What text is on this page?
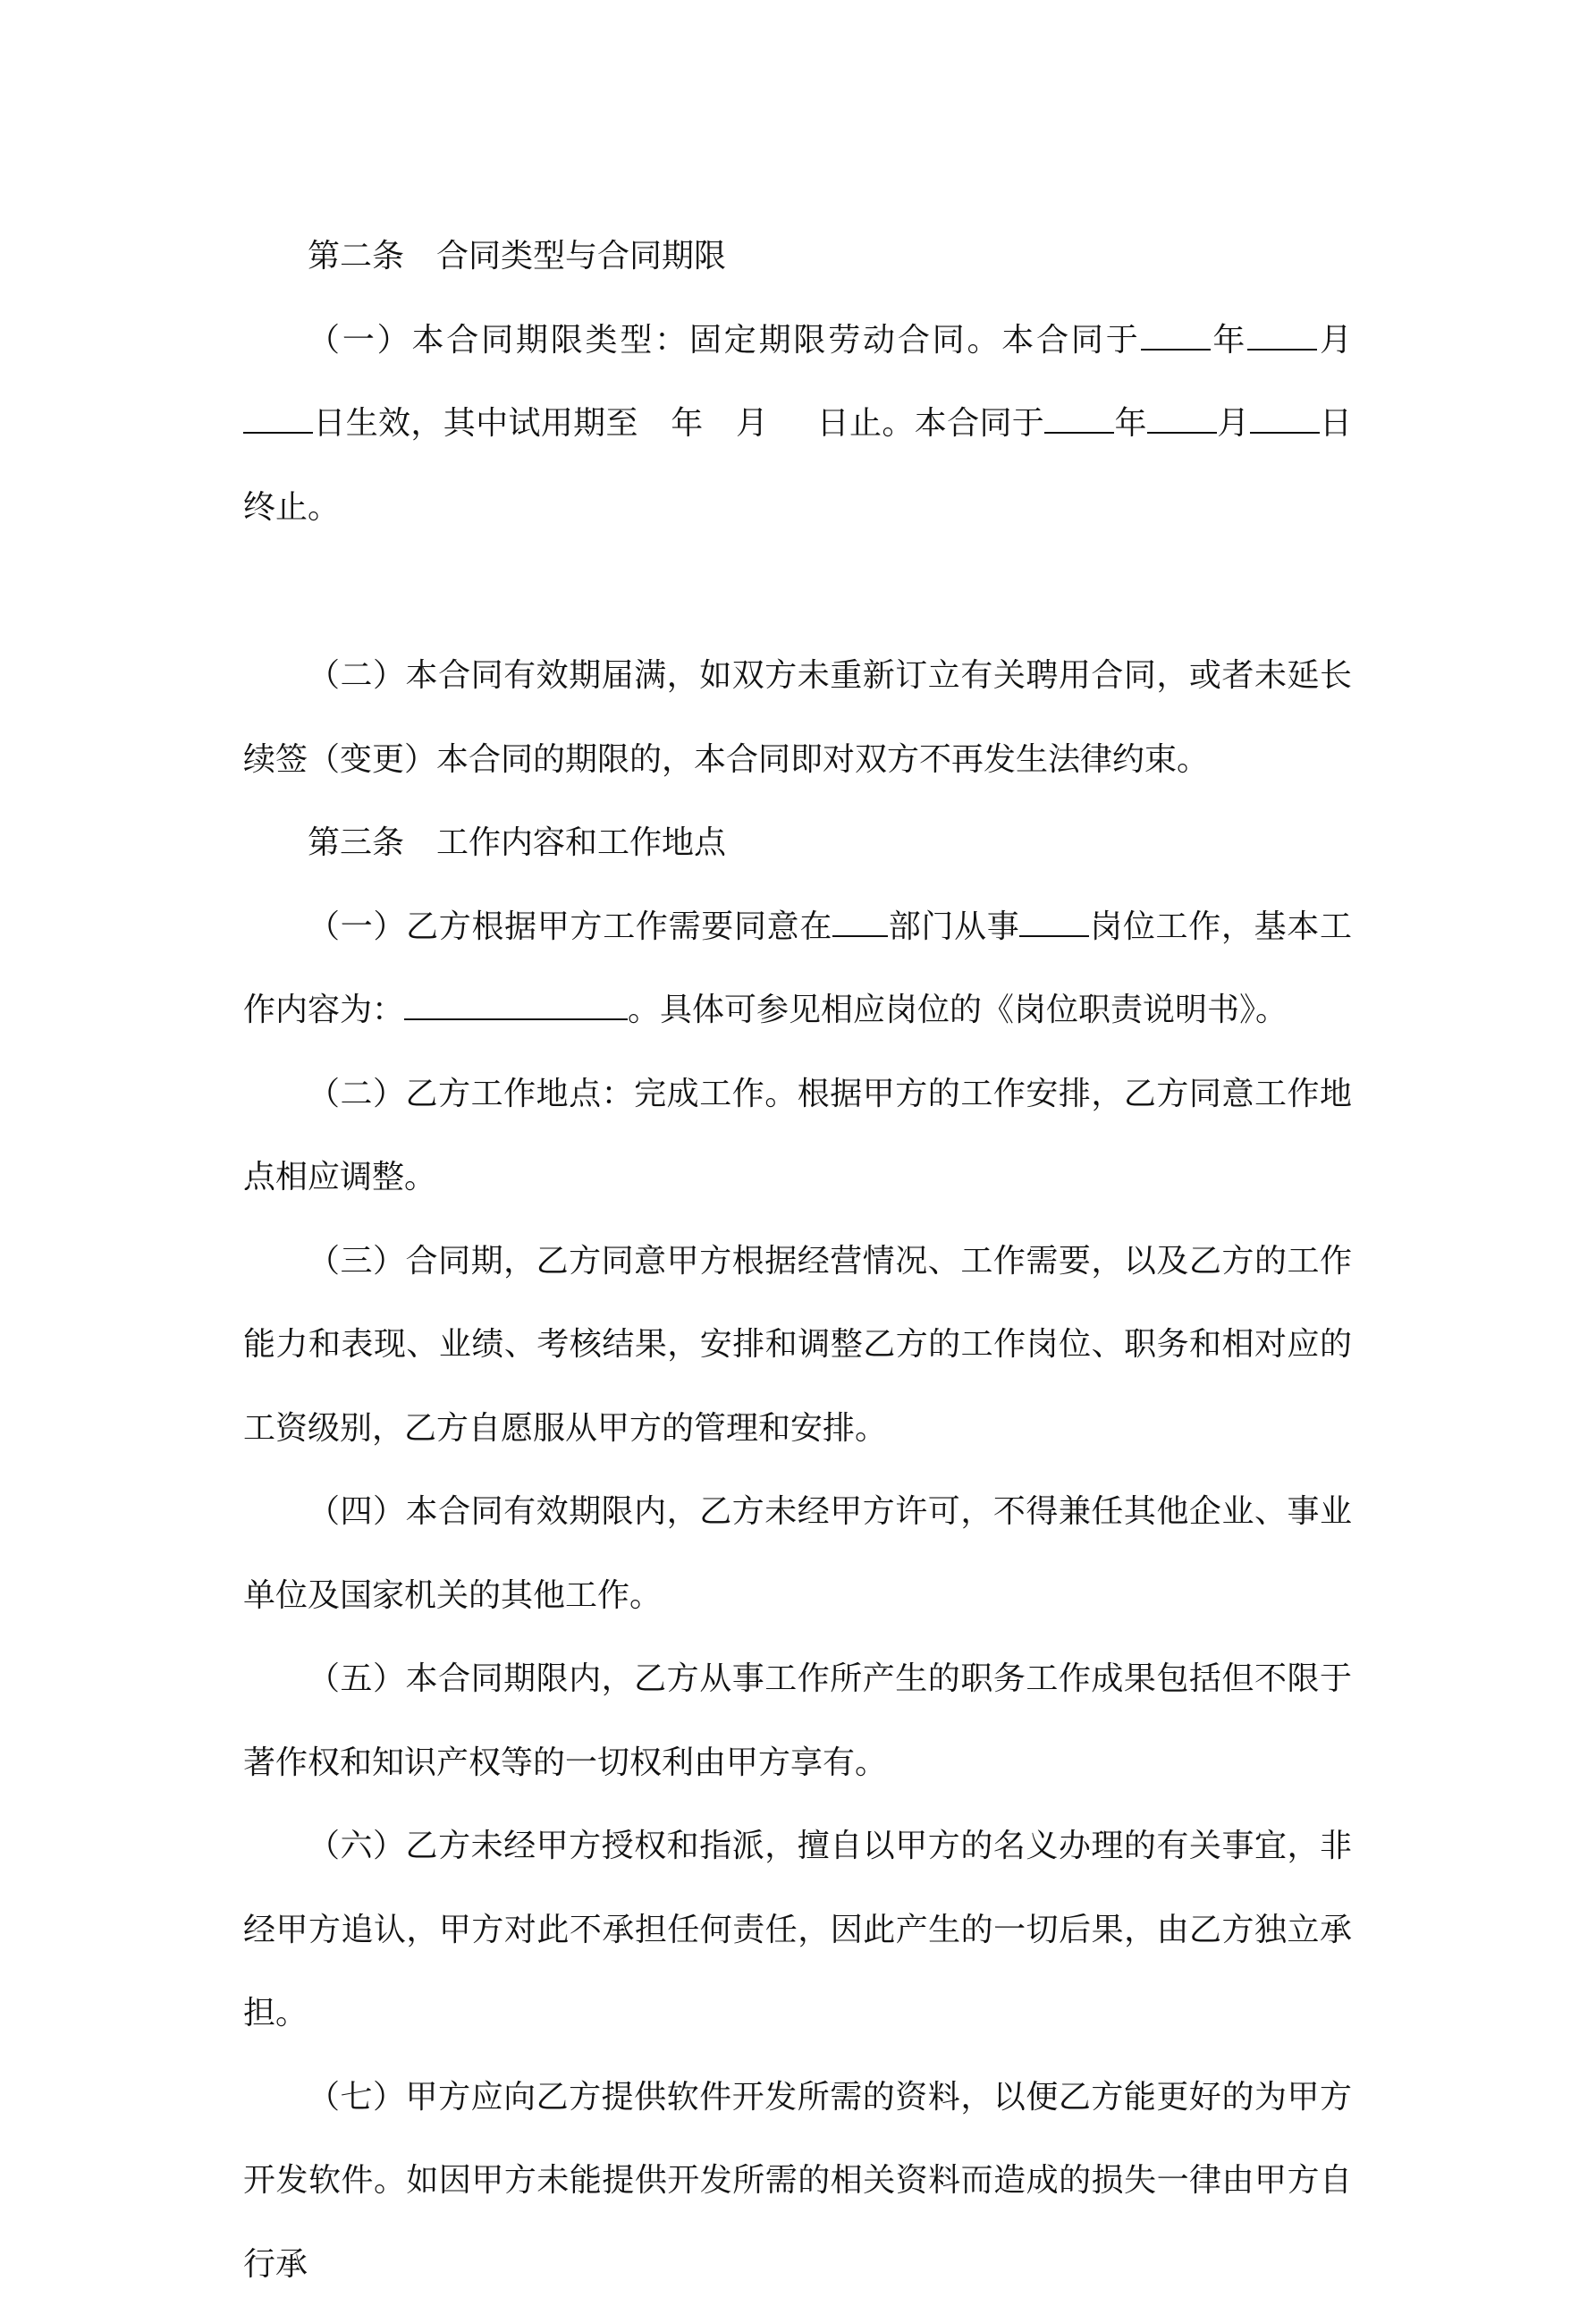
第二条　合同类型与合同期限

（一）本合同期限类型：固定期限劳动合同。本合同于 年 月日生效，其中试用期至 年 月 日止。本合同于 年 月 日终止。

（二）本合同有效期届满，如双方未重新订立有关聘用合同，或者未延长续签（变更）本合同的期限的，本合同即对双方不再发生法律约束。

第三条　工作内容和工作地点

（一）乙方根据甲方工作需要同意在 部门从事 岗位工作，基本工作内容为：	。具体可参见相应岗位的《岗位职责说明书》。

（二）乙方工作地点：完成工作。根据甲方的工作安排，乙方同意工作地点相应调整。

（三）合同期，乙方同意甲方根据经营情况、工作需要，以及乙方的工作能力和表现、业绩、考核结果，安排和调整乙方的工作岗位、职务和相对应的工资级别，乙方自愿服从甲方的管理和安排。

（四）本合同有效期限内，乙方未经甲方许可，不得兼任其他企业、事业单位及国家机关的其他工作。

（五）本合同期限内，乙方从事工作所产生的职务工作成果包括但不限于著作权和知识产权等的一切权利由甲方享有。

（六）乙方未经甲方授权和指派，擅自以甲方的名义办理的有关事宜，非经甲方追认，甲方对此不承担任何责任，因此产生的一切后果，由乙方独立承担。

（七）甲方应向乙方提供软件开发所需的资料，以便乙方能更好的为甲方开发软件。如因甲方未能提供开发所需的相关资料而造成的损失一律由甲方自行承
